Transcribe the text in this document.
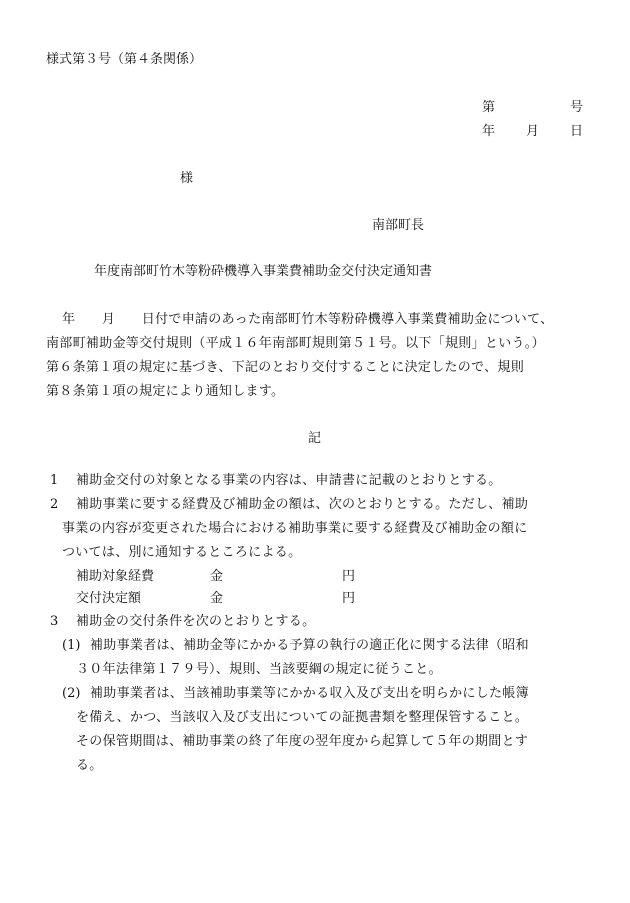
様式第３号（第４条関係）
第	号
年 月 日
様
南部町長
年度南部町竹木等粉砕機導入事業費補助金交付決定通知書
年　　月　　日付で申請のあった南部町竹木等粉砕機導入事業費補助金について、
南部町補助金等交付規則（平成１６年南部町規則第５１号。以下「規則」という。）
第６条第１項の規定に基づき、下記のとおり交付することに決定したので、規則
第８条第１項の規定により通知します。
記
1 補助金交付の対象となる事業の内容は、申請書に記載のとおりとする。
2 補助事業に要する経費及び補助金の額は、次のとおりとする。ただし、補助
事業の内容が変更された場合における補助事業に要する経費及び補助金の額に
ついては、別に通知するところによる。
補助対象経費	金	円
交付決定額	金	円
3 補助金の交付条件を次のとおりとする。
(1) 補助事業者は、補助金等にかかる予算の執行の適正化に関する法律（昭和
３０年法律第１７９号）、規則、当該要綱の規定に従うこと。
(2) 補助事業者は、当該補助事業等にかかる収入及び支出を明らかにした帳簿
を備え、かつ、当該収入及び支出についての証拠書類を整理保管すること。
その保管期間は、補助事業の終了年度の翌年度から起算して５年の期間とす
る。
